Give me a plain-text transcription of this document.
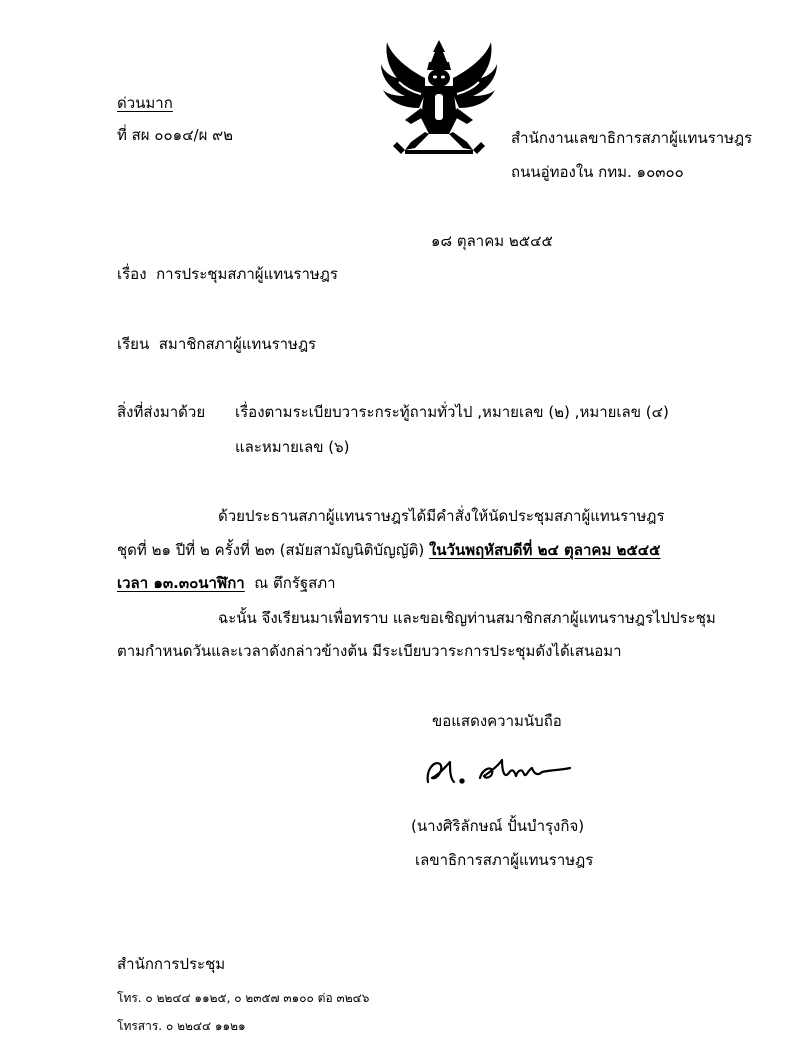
ด่วนมาก
ที่ สผ ๐๐๑๔/ผ ๙๒	สำนักงานเลขาธิการสภาผู้แทนราษฎร
ถนนอู่ทองใน กทม. ๑๐๓๐๐
๑๘ ตุลาคม ๒๕๔๕
เรื่อง การประชุมสภาผู้แทนราษฎร
เรียน สมาชิกสภาผู้แทนราษฎร
สิ่งที่ส่งมาด้วย เรื่องตามระเบียบวาระกระทู้ถามทั่วไป ,หมายเลข (๒) ,หมายเลข (๔)
และหมายเลข (๖)
ด้วยประธานสภาผู้แทนราษฎรได้มีคำสั่งให้นัดประชุมสภาผู้แทนราษฎร
ชุดที่ ๒๑ ปีที่ ๒ ครั้งที่ ๒๓ (สมัยสามัญนิติบัญญัติ) ในวันพฤหัสบดีที่ ๒๔ ตุลาคม ๒๕๔๕
เวลา ๑๓.๓๐นาฬิกา ณ ตึกรัฐสภา
ฉะนั้น จึงเรียนมาเพื่อทราบ และขอเชิญท่านสมาชิกสภาผู้แทนราษฎรไปประชุม
ตามกำหนดวันและเวลาดังกล่าวข้างต้น มีระเบียบวาระการประชุมดังได้เสนอมา
ขอแสดงความนับถือ
(นางศิริลักษณ์ ปั้นบำรุงกิจ)
เลขาธิการสภาผู้แทนราษฎร
สำนักการประชุม
โทร. ๐ ๒๒๔๔ ๑๑๒๕, ๐ ๒๓๕๗ ๓๑๐๐ ต่อ ๓๒๔๖
โทรสาร. ๐ ๒๒๔๔ ๑๑๒๑
